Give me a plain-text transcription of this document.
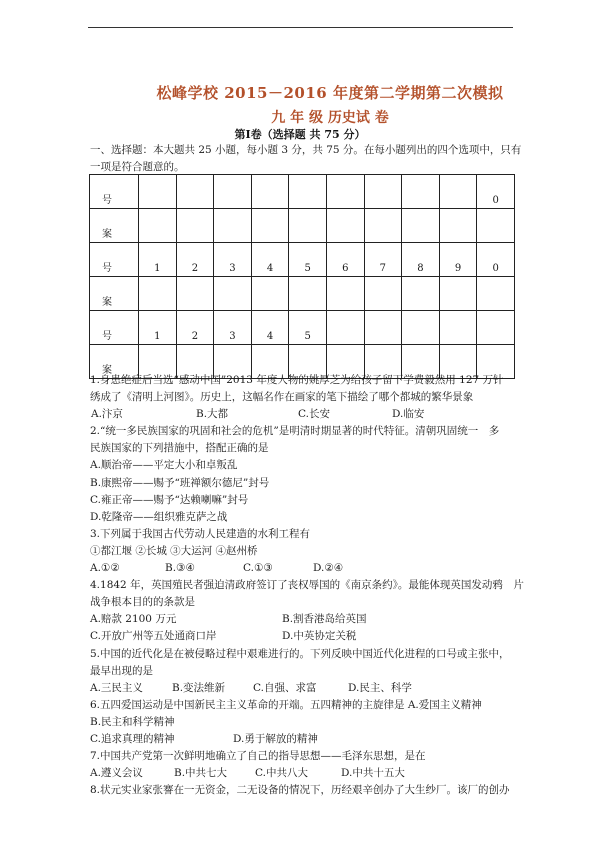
松峰学校 2015－2016 年度第二学期第二次模拟
九 年 级 历史试 卷
第Ⅰ卷（选择题 共 75 分）
一、选择题：本大题共 25 小题，每小题 3 分，共 75 分。在每小题列出的四个选项中，只有
一项是符合题意的。
号										0
案										
号	1	2	3	4	5	6	7	8	9	0
案										
号	1	2	3	4	5					
案										
1.身患绝症后当选“感动中国”2013 年度人物的姚厚芝为给孩子留下学费毅然用 127 万针
绣成了《清明上河图》。历史上，这幅名作在画家的笔下描绘了哪个都城的繁华景象
A.汴京	B.大都	C.长安	D.临安
2.“统一多民族国家的巩固和社会的危机”是明清时期显著的时代特征。清朝巩固统一　多
民族国家的下列措施中，搭配正确的是
A.顺治帝——平定大小和卓叛乱
B.康熙帝——赐予“班禅额尔德尼”封号
C.雍正帝——赐予“达赖喇嘛”封号
D.乾隆帝——组织雅克萨之战
3.下列属于我国古代劳动人民建造的水利工程有
①都江堰 ②长城 ③大运河 ④赵州桥
A.①②	B.③④	C.①③	D.②④
4.1842 年，英国殖民者强迫清政府签订了丧权辱国的《南京条约》。最能体现英国发动鸦　片
战争根本目的的条款是
A.赔款 2100 万元	B.割香港岛给英国
C.开放广州等五处通商口岸	D.中英协定关税
5.中国的近代化是在被侵略过程中艰难进行的。下列反映中国近代化进程的口号或主张中，
最早出现的是
A.三民主义	B.变法维新	C.自强、求富	D.民主、科学
6.五四爱国运动是中国新民主主义革命的开端。五四精神的主旋律是 A.爱国主义精神
B.民主和科学精神
C.追求真理的精神	D.勇于解放的精神
7.中国共产党第一次鲜明地确立了自己的指导思想——毛泽东思想，是在
A.遵义会议	B.中共七大	C.中共八大	D.中共十五大
8.状元实业家张謇在一无资金，二无设备的情况下，历经艰辛创办了大生纱厂。该厂的创办
